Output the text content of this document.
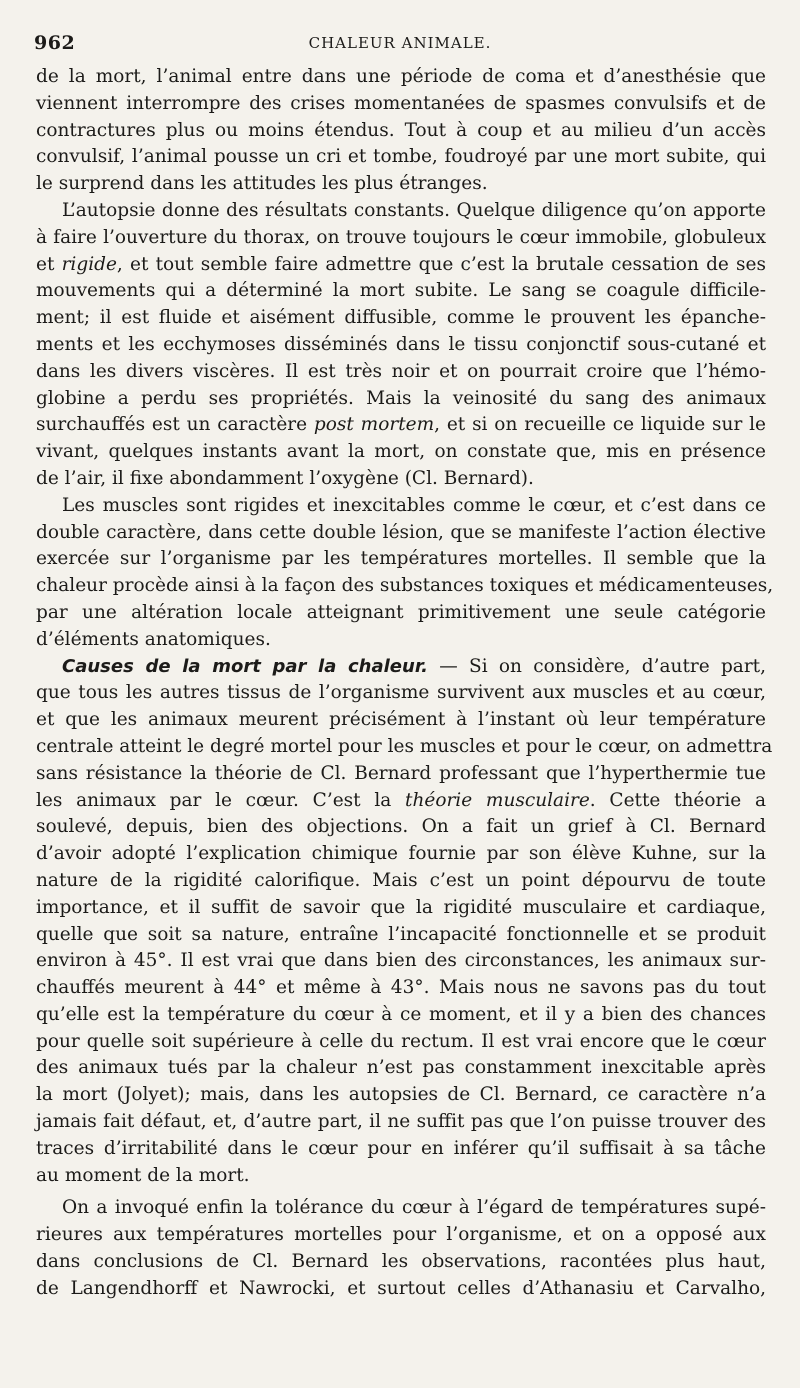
962	CHALEUR ANIMALE.
de la mort, l’animal entre dans une période de coma et d’anesthésie que
viennent interrompre des crises momentanées de spasmes convulsifs et de
contractures plus ou moins étendus. Tout à coup et au milieu d’un accès
convulsif, l’animal pousse un cri et tombe, foudroyé par une mort subite, qui
le surprend dans les attitudes les plus étranges.
L’autopsie donne des résultats constants. Quelque diligence qu’on apporte
à faire l’ouverture du thorax, on trouve toujours le cœur immobile, globuleux
et rigide, et tout semble faire admettre que c’est la brutale cessation de ses
mouvements qui a déterminé la mort subite. Le sang se coagule difficile-
ment; il est fluide et aisément diffusible, comme le prouvent les épanche-
ments et les ecchymoses disséminés dans le tissu conjonctif sous-cutané et
dans les divers viscères. Il est très noir et on pourrait croire que l’hémo-
globine a perdu ses propriétés. Mais la veinosité du sang des animaux
surchauffés est un caractère post mortem, et si on recueille ce liquide sur le
vivant, quelques instants avant la mort, on constate que, mis en présence
de l’air, il fixe abondamment l’oxygène (Cl. Bernard).
Les muscles sont rigides et inexcitables comme le cœur, et c’est dans ce
double caractère, dans cette double lésion, que se manifeste l’action élective
exercée sur l’organisme par les températures mortelles. Il semble que la
chaleur procède ainsi à la façon des substances toxiques et médicamenteuses,
par une altération locale atteignant primitivement une seule catégorie
d’éléments anatomiques.
Causes de la mort par la chaleur. — Si on considère, d’autre part,
que tous les autres tissus de l’organisme survivent aux muscles et au cœur,
et que les animaux meurent précisément à l’instant où leur température
centrale atteint le degré mortel pour les muscles et pour le cœur, on admettra
sans résistance la théorie de Cl. Bernard professant que l’hyperthermie tue
les animaux par le cœur. C’est la théorie musculaire. Cette théorie a
soulevé, depuis, bien des objections. On a fait un grief à Cl. Bernard
d’avoir adopté l’explication chimique fournie par son élève Kuhne, sur la
nature de la rigidité calorifique. Mais c’est un point dépourvu de toute
importance, et il suffit de savoir que la rigidité musculaire et cardiaque,
quelle que soit sa nature, entraîne l’incapacité fonctionnelle et se produit
environ à 45°. Il est vrai que dans bien des circonstances, les animaux sur-
chauffés meurent à 44° et même à 43°. Mais nous ne savons pas du tout
qu’elle est la température du cœur à ce moment, et il y a bien des chances
pour quelle soit supérieure à celle du rectum. Il est vrai encore que le cœur
des animaux tués par la chaleur n’est pas constamment inexcitable après
la mort (Jolyet); mais, dans les autopsies de Cl. Bernard, ce caractère n’a
jamais fait défaut, et, d’autre part, il ne suffit pas que l’on puisse trouver des
traces d’irritabilité dans le cœur pour en inférer qu’il suffisait à sa tâche
au moment de la mort.
On a invoqué enfin la tolérance du cœur à l’égard de températures supé-
rieures aux températures mortelles pour l’organisme, et on a opposé aux
dans conclusions de Cl. Bernard les observations, racontées plus haut,
de Langendhorff et Nawrocki, et surtout celles d’Athanasiu et Carvalho,
